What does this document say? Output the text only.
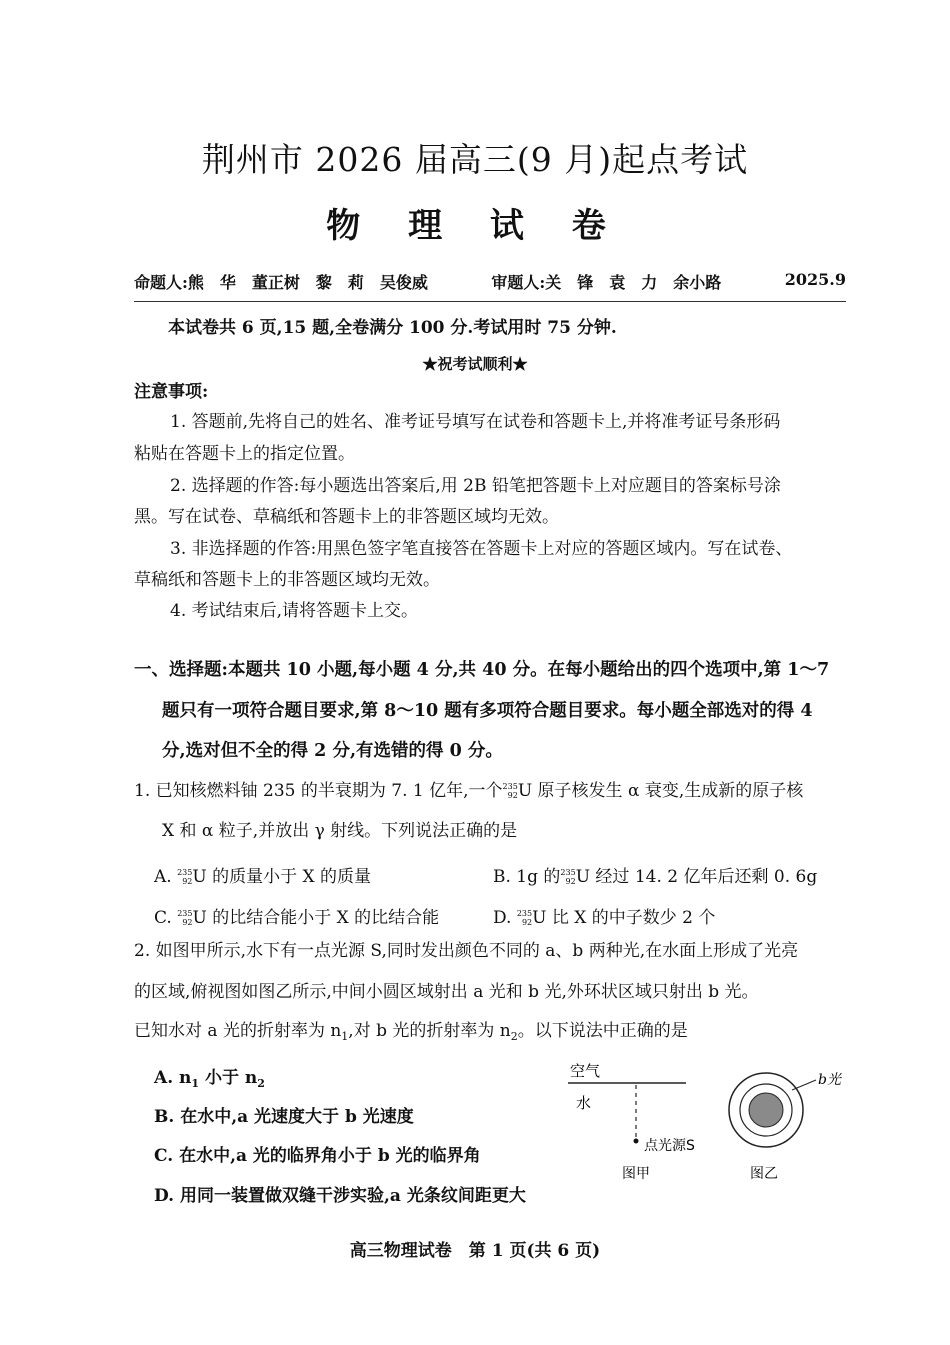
荆州市 2026 届高三(9 月)起点考试
物 理 试 卷
命题人:熊　华　董正树　黎　莉　吴俊威	审题人:关　锋　袁　力　余小路	2025.9
本试卷共 6 页,15 题,全卷满分 100 分.考试用时 75 分钟.
★祝考试顺利★
注意事项:
1. 答题前,先将自己的姓名、准考证号填写在试卷和答题卡上,并将准考证号条形码
粘贴在答题卡上的指定位置。
2. 选择题的作答:每小题选出答案后,用 2B 铅笔把答题卡上对应题目的答案标号涂
黑。写在试卷、草稿纸和答题卡上的非答题区域均无效。
3. 非选择题的作答:用黑色签字笔直接答在答题卡上对应的答题区域内。写在试卷、
草稿纸和答题卡上的非答题区域均无效。
4. 考试结束后,请将答题卡上交。
一、选择题:本题共 10 小题,每小题 4 分,共 40 分。在每小题给出的四个选项中,第 1～7
题只有一项符合题目要求,第 8～10 题有多项符合题目要求。每小题全部选对的得 4
分,选对但不全的得 2 分,有选错的得 0 分。
1. 已知核燃料铀 235 的半衰期为 7. 1 亿年,一个235
92U 原子核发生 α 衰变,生成新的原子核
X 和 α 粒子,并放出 γ 射线。下列说法正确的是
A. 235
92U 的质量小于 X 的质量	B. 1g 的235
92U 经过 14. 2 亿年后还剩 0. 6g
C. 235
92U 的比结合能小于 X 的比结合能	D. 235
92U 比 X 的中子数少 2 个
2. 如图甲所示,水下有一点光源 S,同时发出颜色不同的 a、b 两种光,在水面上形成了光亮
的区域,俯视图如图乙所示,中间小圆区域射出 a 光和 b 光,外环状区域只射出 b 光。
已知水对 a 光的折射率为 $n_1$,对 b 光的折射率为 $n_2$。以下说法中正确的是
A. $n_1$ 小于 $n_2$
B. 在水中,a 光速度大于 b 光速度
C. 在水中,a 光的临界角小于 b 光的临界角
D. 用同一装置做双缝干涉实验,a 光条纹间距更大
空气
水
点光源S
图甲
b光
图乙
高三物理试卷　第 1 页(共 6 页)
